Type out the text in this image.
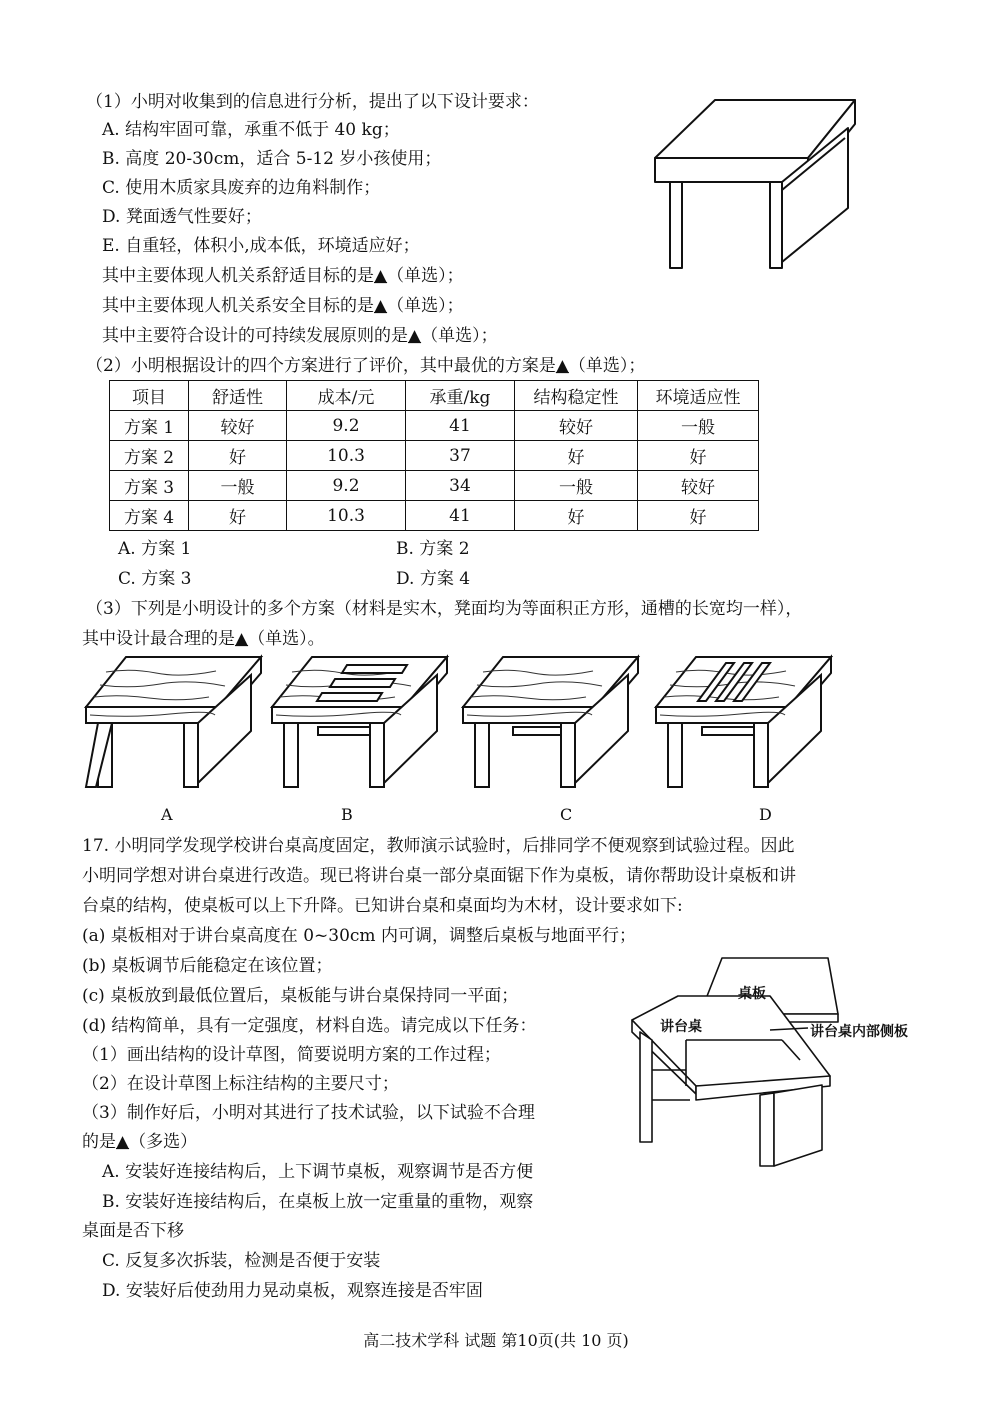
（1）小明对收集到的信息进行分析，提出了以下设计要求：
A. 结构牢固可靠，承重不低于 40 kg；
B. 高度 20-30cm，适合 5-12 岁小孩使用；
C. 使用木质家具废弃的边角料制作；
D. 凳面透气性要好；
E. 自重轻，体积小,成本低，环境适应好；
其中主要体现人机关系舒适目标的是▲（单选）；
其中主要体现人机关系安全目标的是▲（单选）；
其中主要符合设计的可持续发展原则的是▲（单选）；
（2）小明根据设计的四个方案进行了评价，其中最优的方案是▲（单选）；
项目	舒适性	成本/元	承重/kg	结构稳定性	环境适应性
方案 1	较好	9.2	41	较好	一般
方案 2	好	10.3	37	好	好
方案 3	一般	9.2	34	一般	较好
方案 4	好	10.3	41	好	好
A. 方案 1	B. 方案 2
C. 方案 3	D. 方案 4
（3）下列是小明设计的多个方案（材料是实木，凳面均为等面积正方形，通槽的长宽均一样），
其中设计最合理的是▲（单选）。
A	B	C	D
17. 小明同学发现学校讲台桌高度固定，教师演示试验时，后排同学不便观察到试验过程。因此
小明同学想对讲台桌进行改造。现已将讲台桌一部分桌面锯下作为桌板，请你帮助设计桌板和讲
台桌的结构，使桌板可以上下升降。已知讲台桌和桌面均为木材，设计要求如下:
(a) 桌板相对于讲台桌高度在 0~30cm 内可调，调整后桌板与地面平行；
(b) 桌板调节后能稳定在该位置；
(c) 桌板放到最低位置后，桌板能与讲台桌保持同一平面；
(d) 结构简单，具有一定强度，材料自选。请完成以下任务：
（1）画出结构的设计草图，简要说明方案的工作过程；
（2）在设计草图上标注结构的主要尺寸；
（3）制作好后，小明对其进行了技术试验，以下试验不合理
的是▲（多选）
A. 安装好连接结构后，上下调节桌板，观察调节是否方便
B. 安装好连接结构后，在桌板上放一定重量的重物，观察
桌面是否下移
C. 反复多次拆装，检测是否便于安装
D. 安装好后使劲用力晃动桌板，观察连接是否牢固
桌板
讲台桌	讲台桌内部侧板
高二技术学科 试题 第10页(共 10 页)
